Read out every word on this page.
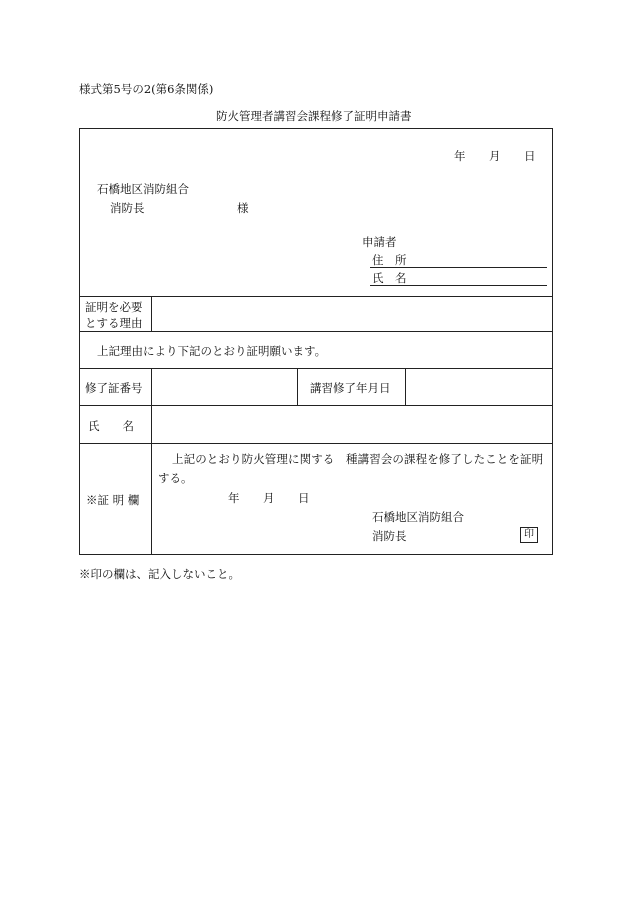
様式第5号の2(第6条関係)
防火管理者講習会課程修了証明申請書
年 月 日
石橋地区消防組合
消防長	様
申請者
住　所
氏　名
証明を必要
とする理由
上記理由により下記のとおり証明願います。
修了証番号	講習修了年月日
氏　　名
※証 明 欄
上記のとおり防火管理に関する　種講習会の課程を修了したことを証明
する。
年 月 日
石橋地区消防組合
消防長	印
※印の欄は、記入しないこと。
